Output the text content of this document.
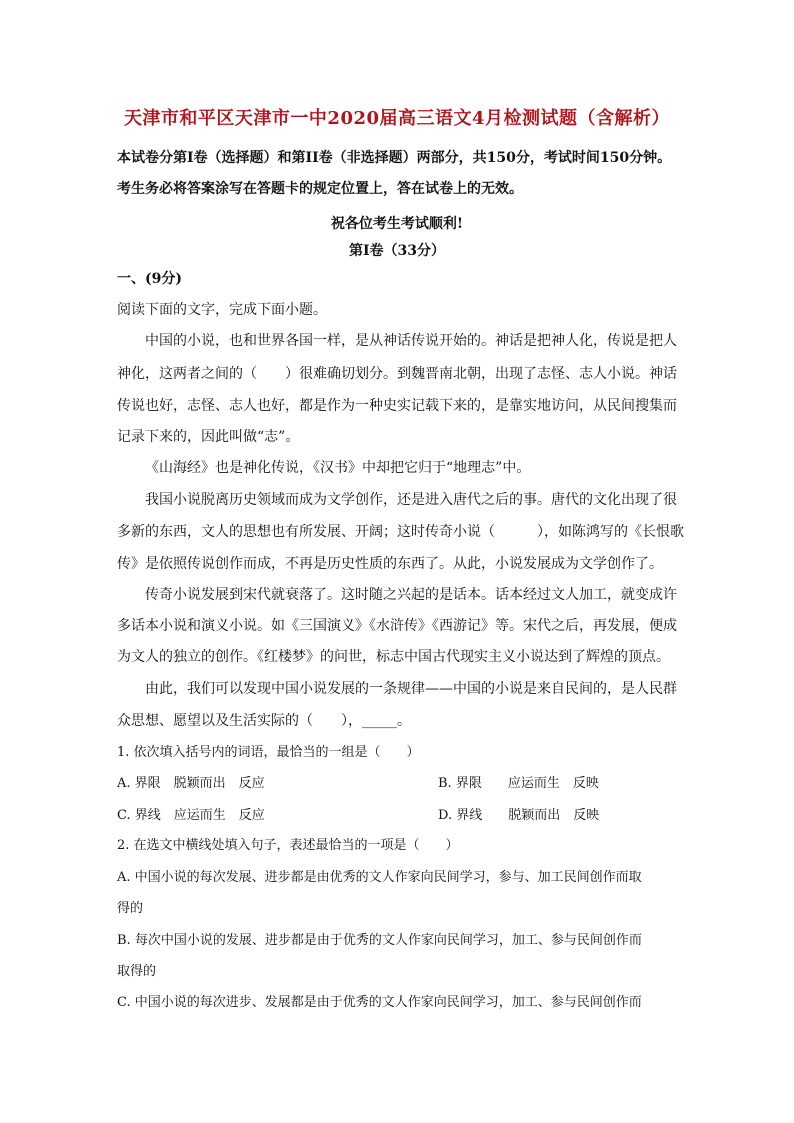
天津市和平区天津市一中2020届高三语文4月检测试题（含解析）
本试卷分第I卷（选择题）和第II卷（非选择题）两部分，共150分，考试时间150分钟。
考生务必将答案涂写在答题卡的规定位置上，答在试卷上的无效。
祝各位考生考试顺利!
第Ⅰ卷（33分）
一、(9分)
阅读下面的文字，完成下面小题。
中国的小说，也和世界各国一样，是从神话传说开始的。神话是把神人化，传说是把人
神化，这两者之间的（　　）很难确切划分。到魏晋南北朝，出现了志怪、志人小说。神话
传说也好，志怪、志人也好，都是作为一种史实记载下来的，是靠实地访问，从民间搜集而
记录下来的，因此叫做“志”。
《山海经》也是神化传说，《汉书》中却把它归于“地理志”中。
我国小说脱离历史领域而成为文学创作，还是进入唐代之后的事。唐代的文化出现了很
多新的东西，文人的思想也有所发展、开阔；这时传奇小说（　　　），如陈鸿写的《长恨歌
传》是依照传说创作而成，不再是历史性质的东西了。从此，小说发展成为文学创作了。
传奇小说发展到宋代就衰落了。这时随之兴起的是话本。话本经过文人加工，就变成许
多话本小说和演义小说。如《三国演义》《水浒传》《西游记》等。宋代之后，再发展，便成
为文人的独立的创作。《红楼梦》的问世，标志中国古代现实主义小说达到了辉煌的顶点。
由此，我们可以发现中国小说发展的一条规律——中国的小说是来自民间的，是人民群
众思想、愿望以及生活实际的（　　），_____。
1. 依次填入括号内的词语，最恰当的一组是（　　）
A. 界限　脱颖而出　反应	B. 界限　　应运而生　反映
C. 界线　应运而生　反应	D. 界线　　脱颖而出　反映
2. 在选文中横线处填入句子，表述最恰当的一项是（　　）
A. 中国小说的每次发展、进步都是由优秀的文人作家向民间学习，参与、加工民间创作而取
得的
B. 每次中国小说的发展、进步都是由于优秀的文人作家向民间学习，加工、参与民间创作而
取得的
C. 中国小说的每次进步、发展都是由于优秀的文人作家向民间学习，加工、参与民间创作而
